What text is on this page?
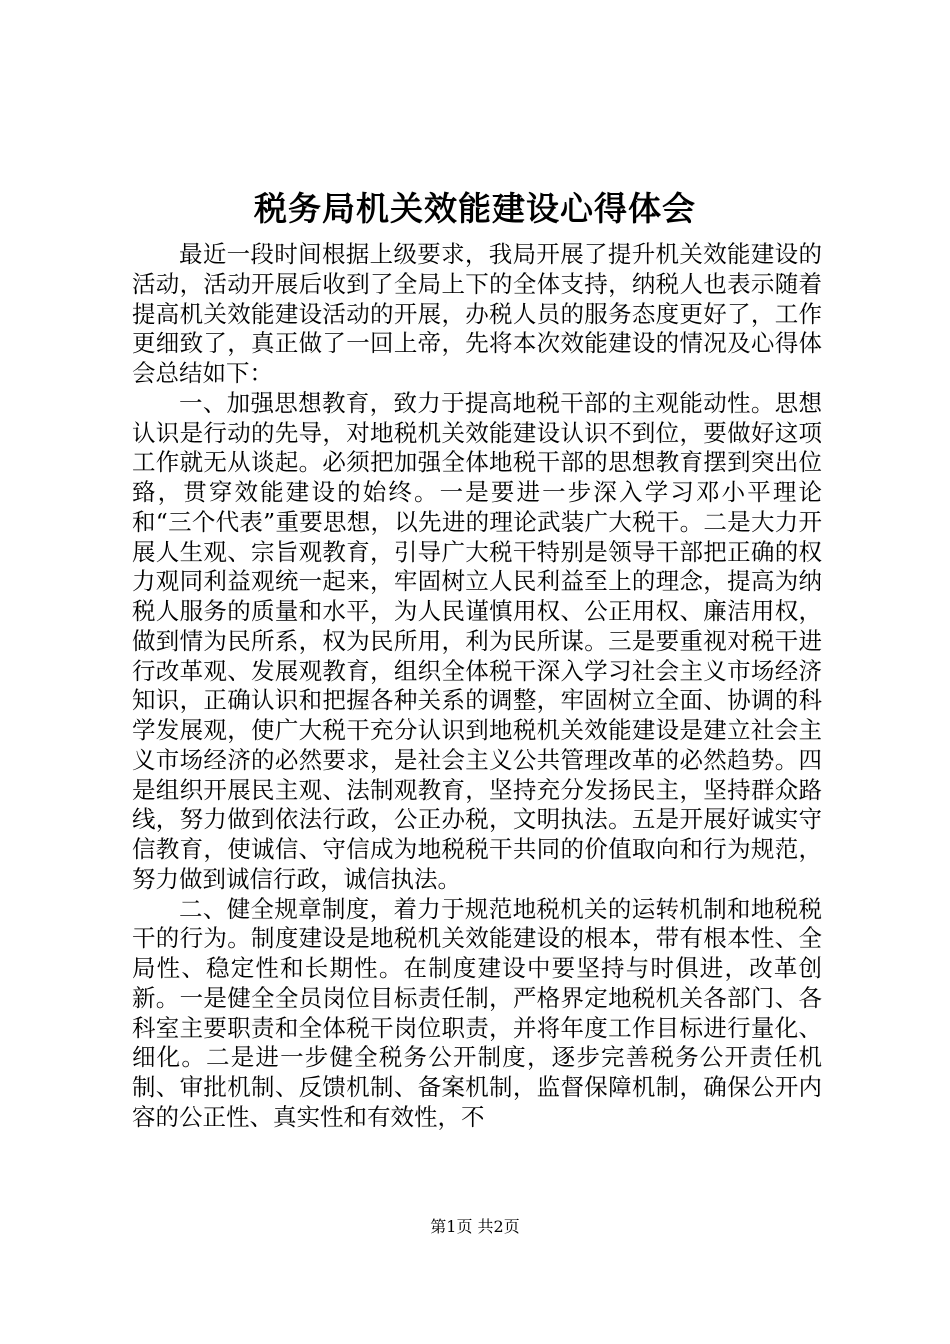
税务局机关效能建设心得体会

最近一段时间根据上级要求，我局开展了提升机关效能建设的活动，活动开展后收到了全局上下的全体支持，纳税人也表示随着提高机关效能建设活动的开展，办税人员的服务态度更好了，工作更细致了，真正做了一回上帝，先将本次效能建设的情况及心得体会总结如下：

一、加强思想教育，致力于提高地税干部的主观能动性。思想认识是行动的先导，对地税机关效能建设认识不到位，要做好这项工作就无从谈起。必须把加强全体地税干部的思想教育摆到突出位臵，贯穿效能建设的始终。一是要进一步深入学习邓小平理论和“三个代表”重要思想，以先进的理论武装广大税干。二是大力开展人生观、宗旨观教育，引导广大税干特别是领导干部把正确的权力观同利益观统一起来，牢固树立人民利益至上的理念，提高为纳税人服务的质量和水平，为人民谨慎用权、公正用权、廉洁用权，做到情为民所系，权为民所用，利为民所谋。三是要重视对税干进行改革观、发展观教育，组织全体税干深入学习社会主义市场经济知识，正确认识和把握各种关系的调整，牢固树立全面、协调的科学发展观，使广大税干充分认识到地税机关效能建设是建立社会主义市场经济的必然要求，是社会主义公共管理改革的必然趋势。四是组织开展民主观、法制观教育，坚持充分发扬民主，坚持群众路线，努力做到依法行政，公正办税，文明执法。五是开展好诚实守信教育，使诚信、守信成为地税税干共同的价值取向和行为规范，努力做到诚信行政，诚信执法。

二、健全规章制度，着力于规范地税机关的运转机制和地税税干的行为。制度建设是地税机关效能建设的根本，带有根本性、全局性、稳定性和长期性。在制度建设中要坚持与时俱进，改革创新。一是健全全员岗位目标责任制，严格界定地税机关各部门、各科室主要职责和全体税干岗位职责，并将年度工作目标进行量化、细化。二是进一步健全税务公开制度，逐步完善税务公开责任机制、审批机制、反馈机制、备案机制，监督保障机制，确保公开内容的公正性、真实性和有效性，不

第1页 共2页
